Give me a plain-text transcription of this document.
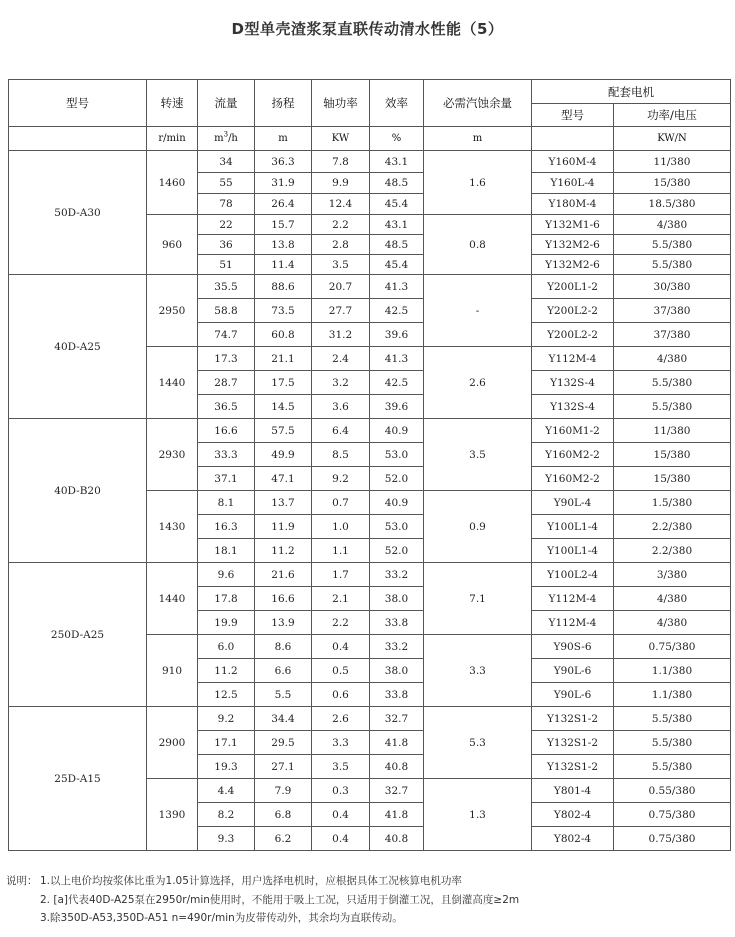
D型单壳渣浆泵直联传动清水性能（5）
型号	转速	流量	扬程	轴功率	效率	必需汽蚀余量	配套电机	
							型号	功率/电压
	r/min	$m^3/h$	m	KW	%	m		KW/N
50D-A30	1460	34	36.3	7.8	43.1	1.6	Y160M-4	11/380
		55	31.9	9.9	48.5		Y160L-4	15/380
		78	26.4	12.4	45.4		Y180M-4	18.5/380
	960	22	15.7	2.2	43.1	0.8	Y132M1-6	4/380
		36	13.8	2.8	48.5		Y132M2-6	5.5/380
		51	11.4	3.5	45.4		Y132M2-6	5.5/380
40D-A25	2950	35.5	88.6	20.7	41.3	-	Y200L1-2	30/380
		58.8	73.5	27.7	42.5		Y200L2-2	37/380
		74.7	60.8	31.2	39.6		Y200L2-2	37/380
	1440	17.3	21.1	2.4	41.3	2.6	Y112M-4	4/380
		28.7	17.5	3.2	42.5		Y132S-4	5.5/380
		36.5	14.5	3.6	39.6		Y132S-4	5.5/380
40D-B20	2930	16.6	57.5	6.4	40.9	3.5	Y160M1-2	11/380
		33.3	49.9	8.5	53.0		Y160M2-2	15/380
		37.1	47.1	9.2	52.0		Y160M2-2	15/380
	1430	8.1	13.7	0.7	40.9	0.9	Y90L-4	1.5/380
		16.3	11.9	1.0	53.0		Y100L1-4	2.2/380
		18.1	11.2	1.1	52.0		Y100L1-4	2.2/380
250D-A25	1440	9.6	21.6	1.7	33.2	7.1	Y100L2-4	3/380
		17.8	16.6	2.1	38.0		Y112M-4	4/380
		19.9	13.9	2.2	33.8		Y112M-4	4/380
	910	6.0	8.6	0.4	33.2	3.3	Y90S-6	0.75/380
		11.2	6.6	0.5	38.0		Y90L-6	1.1/380
		12.5	5.5	0.6	33.8		Y90L-6	1.1/380
25D-A15	2900	9.2	34.4	2.6	32.7	5.3	Y132S1-2	5.5/380
		17.1	29.5	3.3	41.8		Y132S1-2	5.5/380
		19.3	27.1	3.5	40.8		Y132S1-2	5.5/380
	1390	4.4	7.9	0.3	32.7	1.3	Y801-4	0.55/380
		8.2	6.8	0.4	41.8		Y802-4	0.75/380
		9.3	6.2	0.4	40.8		Y802-4	0.75/380
说明： 1.以上电价均按浆体比重为1.05计算选择，用户选择电机时，应根据具体工况核算电机功率
2. [a]代表40D-A25泵在2950r/min使用时，不能用于吸上工况，只适用于倒灌工况，且倒灌高度≥2m
3.除350D-A53,350D-A51 n=490r/min为皮带传动外，其余均为直联传动。
